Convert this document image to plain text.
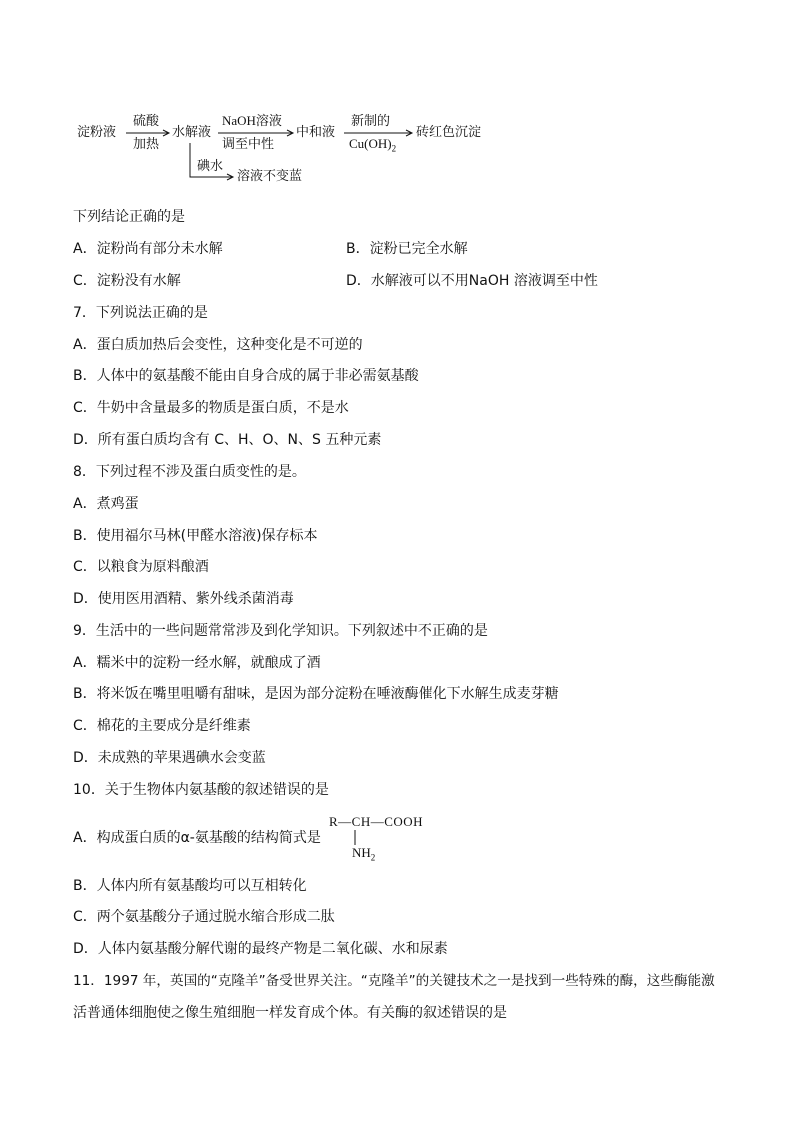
淀粉液
硫酸
加热
水解液
NaOH溶液
调至中性
中和液
新制的
$Cu(OH)_2$
砖红色沉淀
碘水
溶液不变蓝
下列结论正确的是
A．淀粉尚有部分未水解	B．淀粉已完全水解
C．淀粉没有水解	D．水解液可以不用NaOH 溶液调至中性
7．下列说法正确的是
A．蛋白质加热后会变性，这种变化是不可逆的
B．人体中的氨基酸不能由自身合成的属于非必需氨基酸
C．牛奶中含量最多的物质是蛋白质，不是水
D．所有蛋白质均含有 C、H、O、N、S 五种元素
8．下列过程不涉及蛋白质变性的是。
A．煮鸡蛋
B．使用福尔马林(甲醛水溶液)保存标本
C．以粮食为原料酿酒
D．使用医用酒精、紫外线杀菌消毒
9．生活中的一些问题常常涉及到化学知识。下列叙述中不正确的是
A．糯米中的淀粉一经水解，就酿成了酒
B．将米饭在嘴里咀嚼有甜味，是因为部分淀粉在唾液酶催化下水解生成麦芽糖
C．棉花的主要成分是纤维素
D．未成熟的苹果遇碘水会变蓝
10．关于生物体内氨基酸的叙述错误的是
A．构成蛋白质的α-氨基酸的结构简式是
R—CH—COOH
$NH_2$
B．人体内所有氨基酸均可以互相转化
C．两个氨基酸分子通过脱水缩合形成二肽
D．人体内氨基酸分解代谢的最终产物是二氧化碳、水和尿素
11．1997 年，英国的“克隆羊”备受世界关注。“克隆羊”的关键技术之一是找到一些特殊的酶，这些酶能激
活普通体细胞使之像生殖细胞一样发育成个体。有关酶的叙述错误的是
